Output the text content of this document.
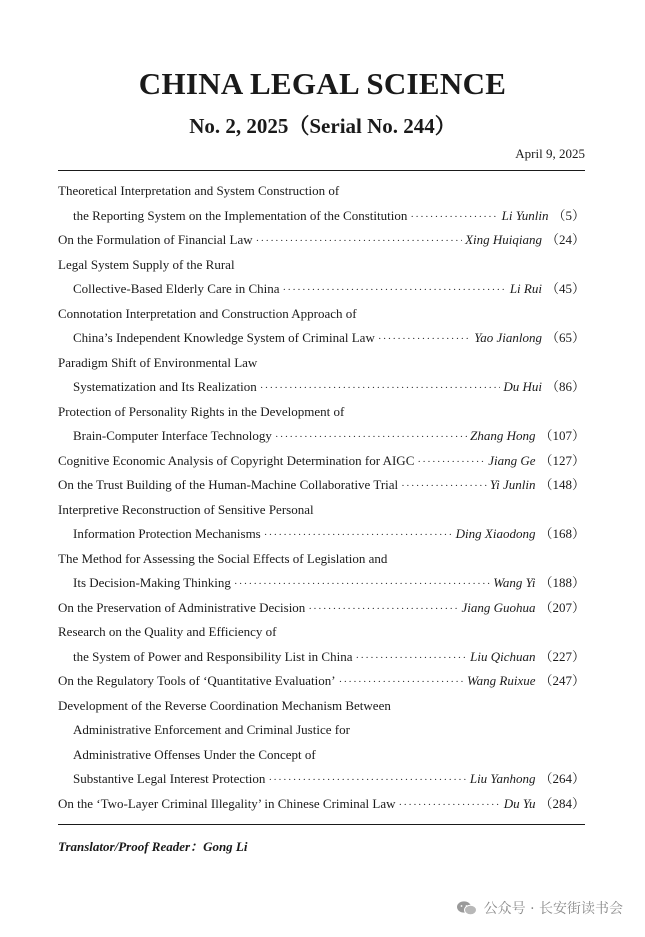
CHINA LEGAL SCIENCE
No. 2, 2025（Serial No. 244）
April 9, 2025
Theoretical Interpretation and System Construction of
the Reporting System on the Implementation of the Constitution ·····	Li Yunlin （5）
On the Formulation of Financial Law ·····	Xing Huiqiang （24）
Legal System Supply of the Rural
Collective-Based Elderly Care in China ·····	Li Rui （45）
Connotation Interpretation and Construction Approach of
China’s Independent Knowledge System of Criminal Law ·····	Yao Jianlong （65）
Paradigm Shift of Environmental Law
Systematization and Its Realization ·····	Du Hui （86）
Protection of Personality Rights in the Development of
Brain-Computer Interface Technology ·····	Zhang Hong （107）
Cognitive Economic Analysis of Copyright Determination for AIGC ·····	Jiang Ge （127）
On the Trust Building of the Human-Machine Collaborative Trial ·····	Yi Junlin （148）
Interpretive Reconstruction of Sensitive Personal
Information Protection Mechanisms ·····	Ding Xiaodong （168）
The Method for Assessing the Social Effects of Legislation and
Its Decision-Making Thinking ·····	Wang Yi （188）
On the Preservation of Administrative Decision ·····	Jiang Guohua （207）
Research on the Quality and Efficiency of
the System of Power and Responsibility List in China ·····	Liu Qichuan （227）
On the Regulatory Tools of ‘Quantitative Evaluation’ ·····	Wang Ruixue （247）
Development of the Reverse Coordination Mechanism Between
Administrative Enforcement and Criminal Justice for
Administrative Offenses Under the Concept of
Substantive Legal Interest Protection ·····	Liu Yanhong （264）
On the ‘Two-Layer Criminal Illegality’ in Chinese Criminal Law ·····	Du Yu （284）
Translator/Proof Reader：Gong Li
公众号 · 长安街读书会
